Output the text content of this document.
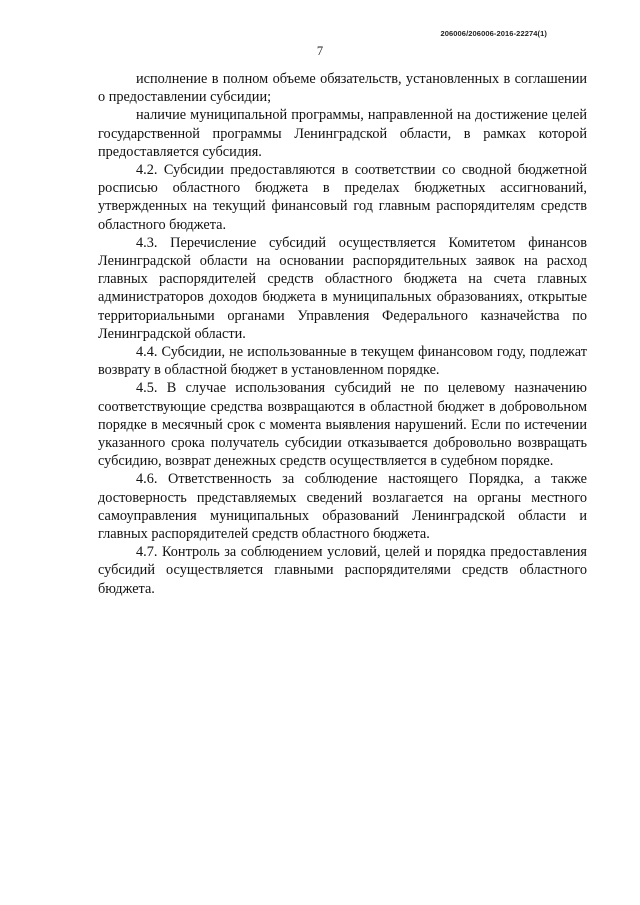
206006/206006-2016-22274(1)
7

исполнение в полном объеме обязательств, установленных в соглашении о предоставлении субсидии;

наличие муниципальной программы, направленной на достижение целей государственной программы Ленинградской области, в рамках которой предоставляется субсидия.

4.2. Субсидии предоставляются в соответствии со сводной бюджетной росписью областного бюджета в пределах бюджетных ассигнований, утвержденных на текущий финансовый год главным распорядителям средств областного бюджета.

4.3. Перечисление субсидий осуществляется Комитетом финансов Ленинградской области на основании распорядительных заявок на расход главных распорядителей средств областного бюджета на счета главных администраторов доходов бюджета в муниципальных образованиях, открытые территориальными органами Управления Федерального казначейства по Ленинградской области.

4.4. Субсидии, не использованные в текущем финансовом году, подлежат возврату в областной бюджет в установленном порядке.

4.5. В случае использования субсидий не по целевому назначению соответствующие средства возвращаются в областной бюджет в добровольном порядке в месячный срок с момента выявления нарушений. Если по истечении указанного срока получатель субсидии отказывается добровольно возвращать субсидию, возврат денежных средств осуществляется в судебном порядке.

4.6. Ответственность за соблюдение настоящего Порядка, а также достоверность представляемых сведений возлагается на органы местного самоуправления муниципальных образований Ленинградской области и главных распорядителей средств областного бюджета.

4.7. Контроль за соблюдением условий, целей и порядка предоставления субсидий осуществляется главными распорядителями средств областного бюджета.
